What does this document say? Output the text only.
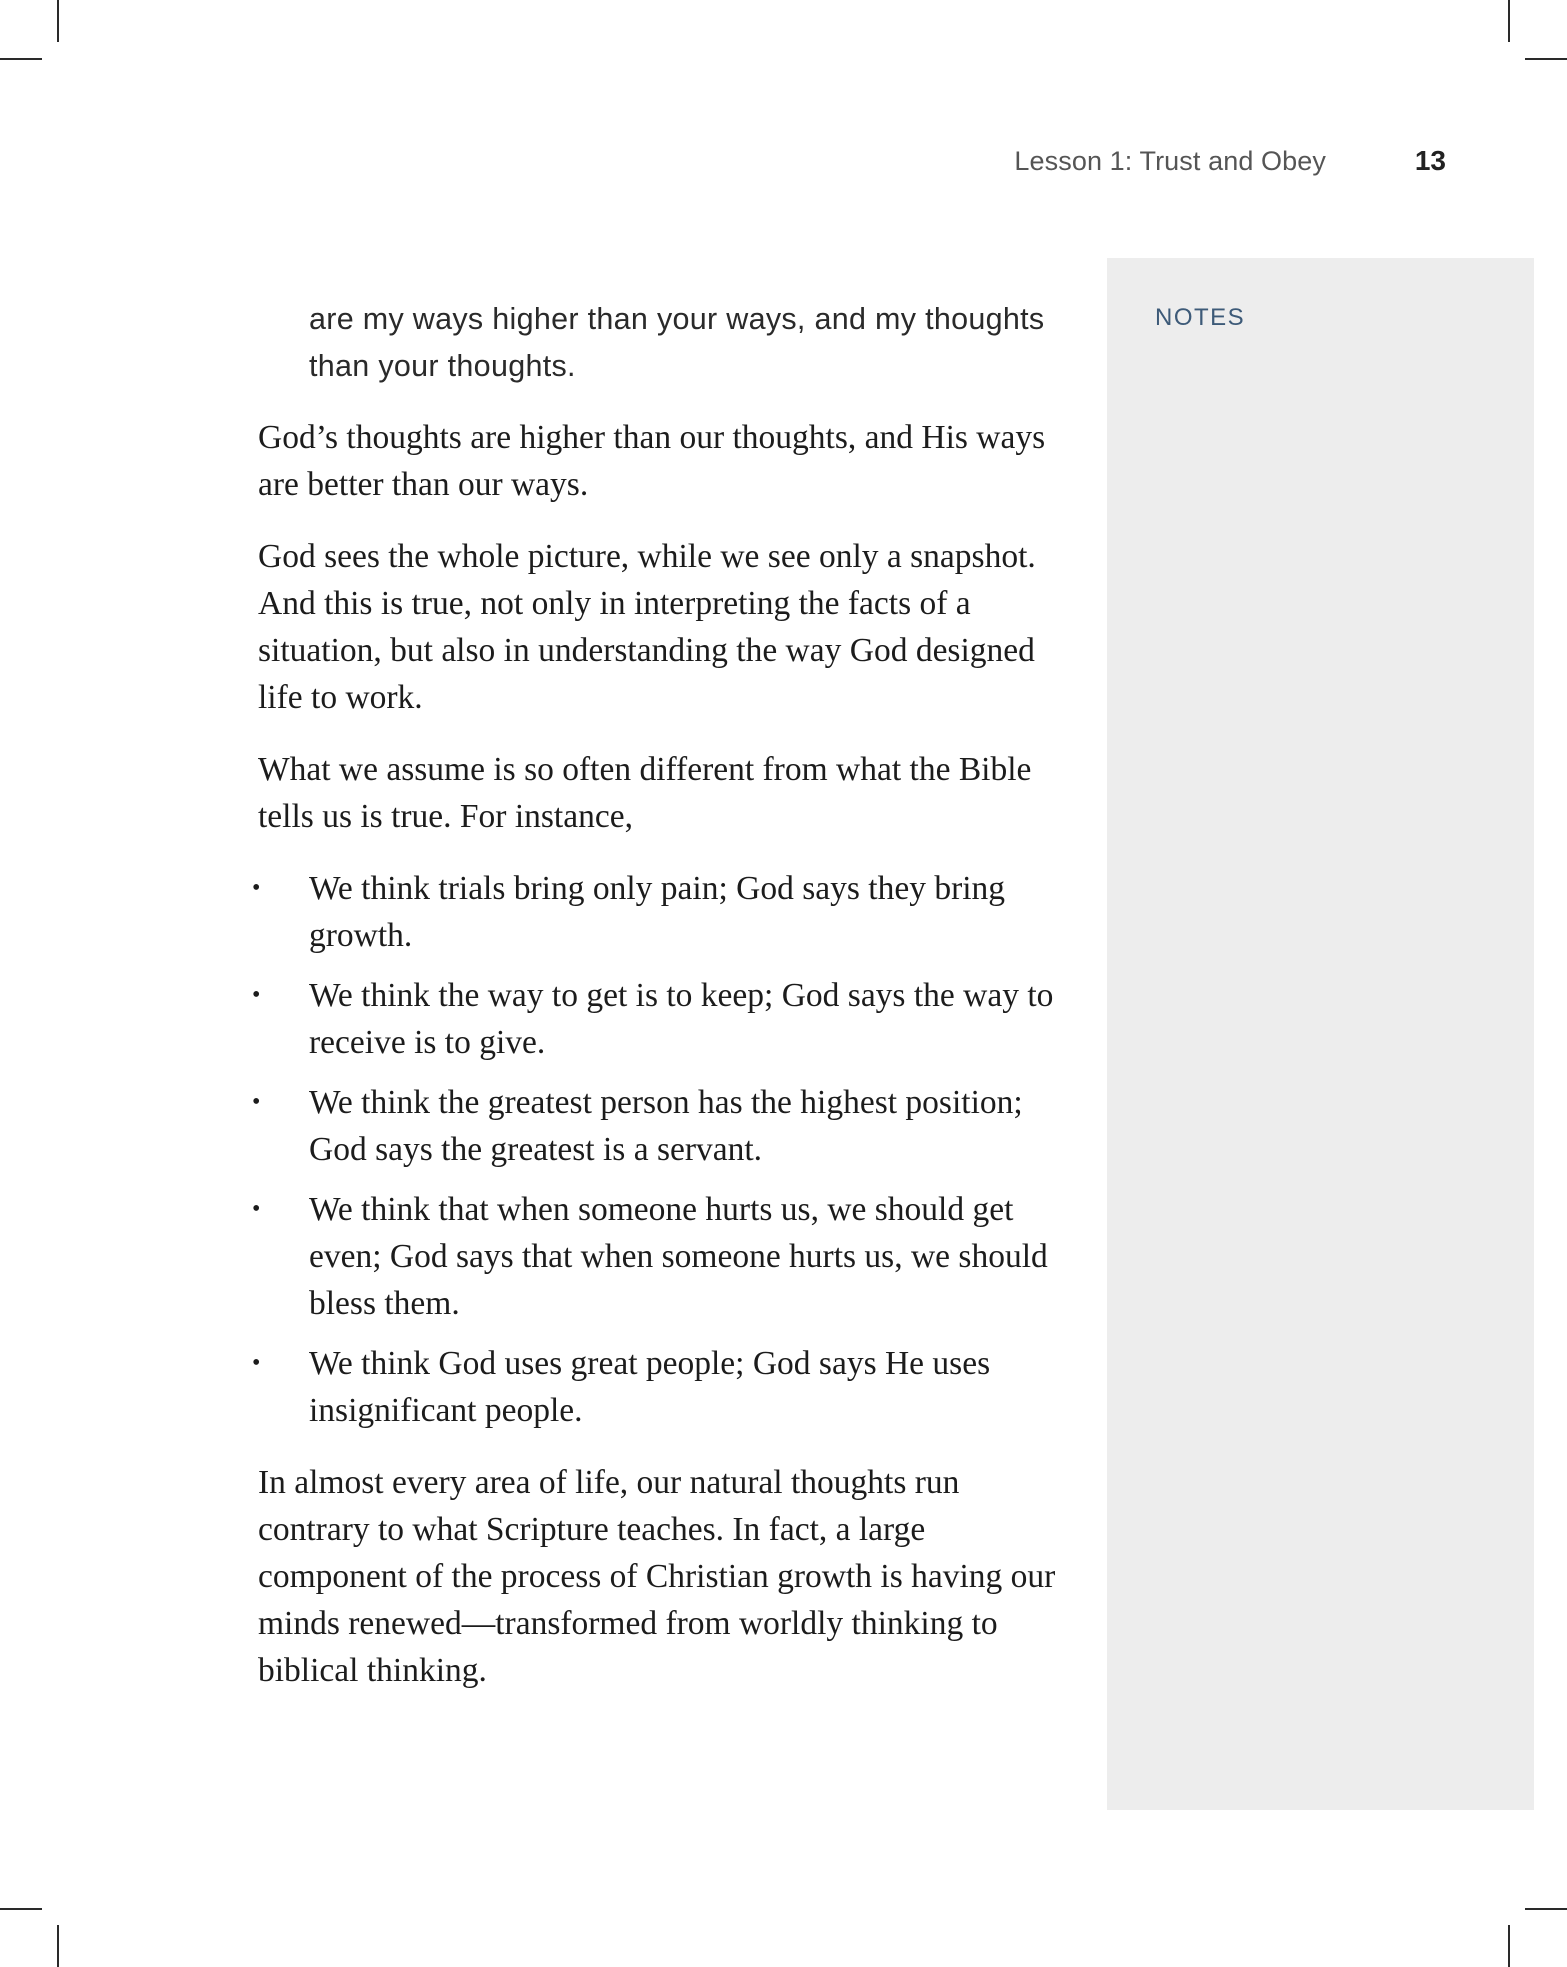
Lesson 1: Trust and Obey	13
NOTES

are my ways higher than your ways, and my thoughts than your thoughts.

God’s thoughts are higher than our thoughts, and His ways are better than our ways.

God sees the whole picture, while we see only a snapshot. And this is true, not only in interpreting the facts of a situation, but also in understanding the way God designed life to work.

What we assume is so often different from what the Bible tells us is true. For instance,

• We think trials bring only pain; God says they bring growth.
• We think the way to get is to keep; God says the way to receive is to give.
• We think the greatest person has the highest position; God says the greatest is a servant.
• We think that when someone hurts us, we should get even; God says that when someone hurts us, we should bless them.
• We think God uses great people; God says He uses insignificant people.

In almost every area of life, our natural thoughts run contrary to what Scripture teaches. In fact, a large component of the process of Christian growth is having our minds renewed—transformed from worldly thinking to biblical thinking.
